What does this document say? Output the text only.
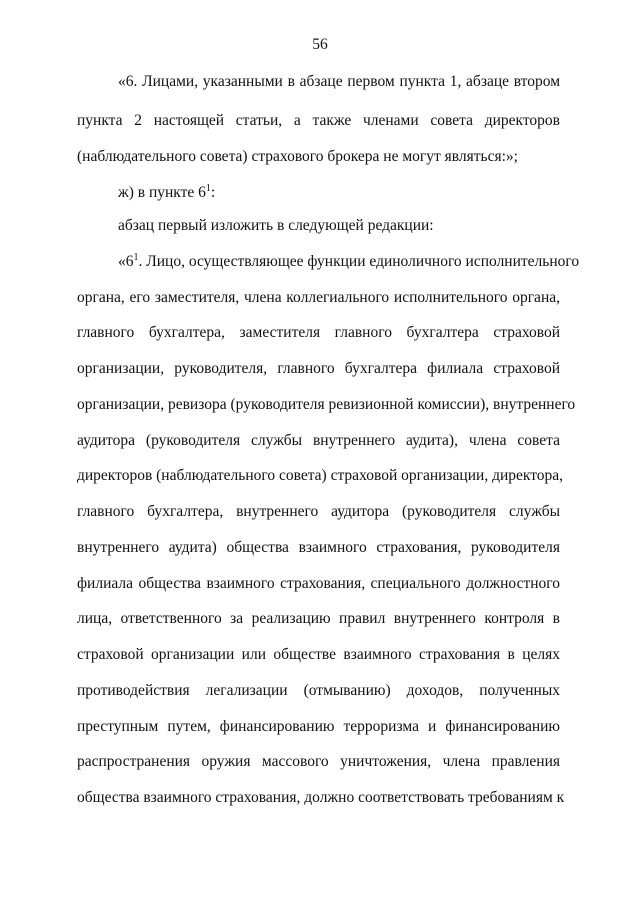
56
«6. Лицами, указанными в абзаце первом пункта 1, абзаце втором
пункта 2 настоящей статьи, а также членами совета директоров
(наблюдательного совета) страхового брокера не могут являться:»;
ж) в пункте $6^1$:
абзац первый изложить в следующей редакции:
«$6^1$. Лицо, осуществляющее функции единоличного исполнительного
органа, его заместителя, члена коллегиального исполнительного органа,
главного бухгалтера, заместителя главного бухгалтера страховой
организации, руководителя, главного бухгалтера филиала страховой
организации, ревизора (руководителя ревизионной комиссии), внутреннего
аудитора (руководителя службы внутреннего аудита), члена совета
директоров (наблюдательного совета) страховой организации, директора,
главного бухгалтера, внутреннего аудитора (руководителя службы
внутреннего аудита) общества взаимного страхования, руководителя
филиала общества взаимного страхования, специального должностного
лица, ответственного за реализацию правил внутреннего контроля в
страховой организации или обществе взаимного страхования в целях
противодействия легализации (отмыванию) доходов, полученных
преступным путем, финансированию терроризма и финансированию
распространения оружия массового уничтожения, члена правления
общества взаимного страхования, должно соответствовать требованиям к
